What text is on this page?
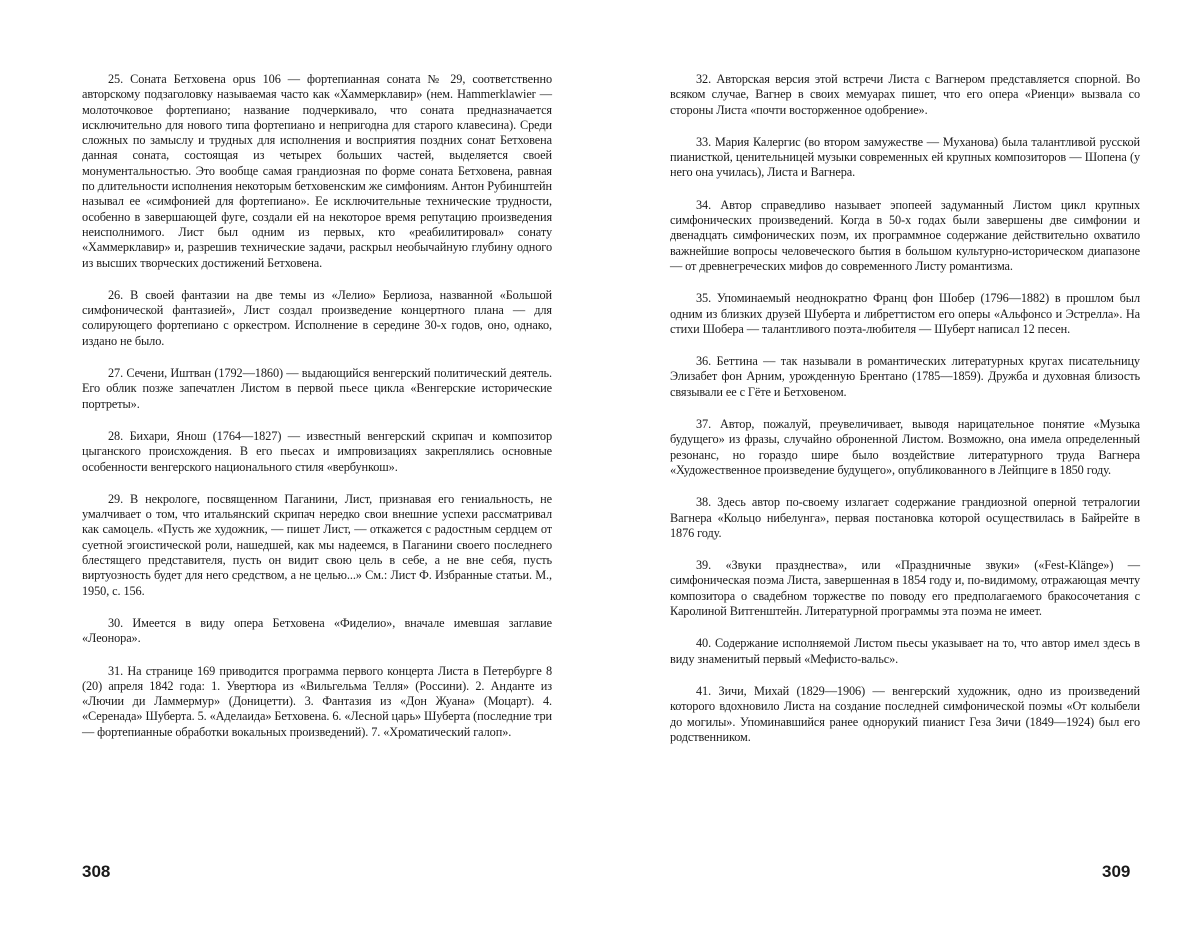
25. Соната Бетховена opus 106 — фортепианная соната № 29, соответственно авторскому подзаголовку называемая часто как «Хаммерклавир» (нем. Hammerklawier — молоточковое фортепиано; название подчеркивало, что соната предназначается исключительно для нового типа фортепиано и непригодна для старого клавесина). Среди сложных по замыслу и трудных для исполнения и восприятия поздних сонат Бетховена данная соната, состоящая из четырех больших частей, выделяется своей монументальностью. Это вообще самая грандиозная по форме соната Бетховена, равная по длительности исполнения некоторым бетховенским же симфониям. Антон Рубинштейн называл ее «симфонией для фортепиано». Ее исключительные технические трудности, особенно в завершающей фуге, создали ей на некоторое время репутацию произведения неисполнимого. Лист был одним из первых, кто «реабилитировал» сонату «Хаммерклавир» и, разрешив технические задачи, раскрыл необычайную глубину одного из высших творческих достижений Бетховена.

26. В своей фантазии на две темы из «Лелио» Берлиоза, названной «Большой симфонической фантазией», Лист создал произведение концертного плана — для солирующего фортепиано с оркестром. Исполнение в середине 30-х годов, оно, однако, издано не было.

27. Сечени, Иштван (1792—1860) — выдающийся венгерский политический деятель. Его облик позже запечатлен Листом в первой пьесе цикла «Венгерские исторические портреты».

28. Бихари, Янош (1764—1827) — известный венгерский скрипач и композитор цыганского происхождения. В его пьесах и импровизациях закреплялись основные особенности венгерского национального стиля «вербункош».

29. В некрологе, посвященном Паганини, Лист, признавая его гениальность, не умалчивает о том, что итальянский скрипач нередко свои внешние успехи рассматривал как самоцель. «Пусть же художник, — пишет Лист, — откажется с радостным сердцем от суетной эгоистической роли, нашедшей, как мы надеемся, в Паганини своего последнего блестящего представителя, пусть он видит свою цель в себе, а не вне себя, пусть виртуозность будет для него средством, а не целью...» См.: Лист Ф. Избранные статьи. М., 1950, с. 156.

30. Имеется в виду опера Бетховена «Фиделио», вначале имевшая заглавие «Леонора».

31. На странице 169 приводится программа первого концерта Листа в Петербурге 8 (20) апреля 1842 года: 1. Увертюра из «Вильгельма Телля» (Россини). 2. Анданте из «Лючии ди Ламмермур» (Доницетти). 3. Фантазия из «Дон Жуана» (Моцарт). 4. «Серенада» Шуберта. 5. «Аделаида» Бетховена. 6. «Лесной царь» Шуберта (последние три — фортепианные обработки вокальных произведений). 7. «Хроматический галоп».

308

32. Авторская версия этой встречи Листа с Вагнером представляется спорной. Во всяком случае, Вагнер в своих мемуарах пишет, что его опера «Риенци» вызвала со стороны Листа «почти восторженное одобрение».

33. Мария Калергис (во втором замужестве — Муханова) была талантливой русской пианисткой, ценительницей музыки современных ей крупных композиторов — Шопена (у него она училась), Листа и Вагнера.

34. Автор справедливо называет эпопеей задуманный Листом цикл крупных симфонических произведений. Когда в 50-х годах были завершены две симфонии и двенадцать симфонических поэм, их программное содержание действительно охватило важнейшие вопросы человеческого бытия в большом культурно-историческом диапазоне — от древнегреческих мифов до современного Листу романтизма.

35. Упоминаемый неоднократно Франц фон Шобер (1796—1882) в прошлом был одним из близких друзей Шуберта и либреттистом его оперы «Альфонсо и Эстрелла». На стихи Шобера — талантливого поэта-любителя — Шуберт написал 12 песен.

36. Беттина — так называли в романтических литературных кругах писательницу Элизабет фон Арним, урожденную Брентано (1785—1859). Дружба и духовная близость связывали ее с Гёте и Бетховеном.

37. Автор, пожалуй, преувеличивает, выводя нарицательное понятие «Музыка будущего» из фразы, случайно оброненной Листом. Возможно, она имела определенный резонанс, но гораздо шире было воздействие литературного труда Вагнера «Художественное произведение будущего», опубликованного в Лейпциге в 1850 году.

38. Здесь автор по-своему излагает содержание грандиозной оперной тетралогии Вагнера «Кольцо нибелунга», первая постановка которой осуществилась в Байрейте в 1876 году.

39. «Звуки празднества», или «Праздничные звуки» («Fest-Klänge») — симфоническая поэма Листа, завершенная в 1854 году и, по-видимому, отражающая мечту композитора о свадебном торжестве по поводу его предполагаемого бракосочетания с Каролиной Витгенштейн. Литературной программы эта поэма не имеет.

40. Содержание исполняемой Листом пьесы указывает на то, что автор имел здесь в виду знаменитый первый «Мефисто-вальс».

41. Зичи, Михай (1829—1906) — венгерский художник, одно из произведений которого вдохновило Листа на создание последней симфонической поэмы «От колыбели до могилы». Упоминавшийся ранее однорукий пианист Геза Зичи (1849—1924) был его родственником.

309
